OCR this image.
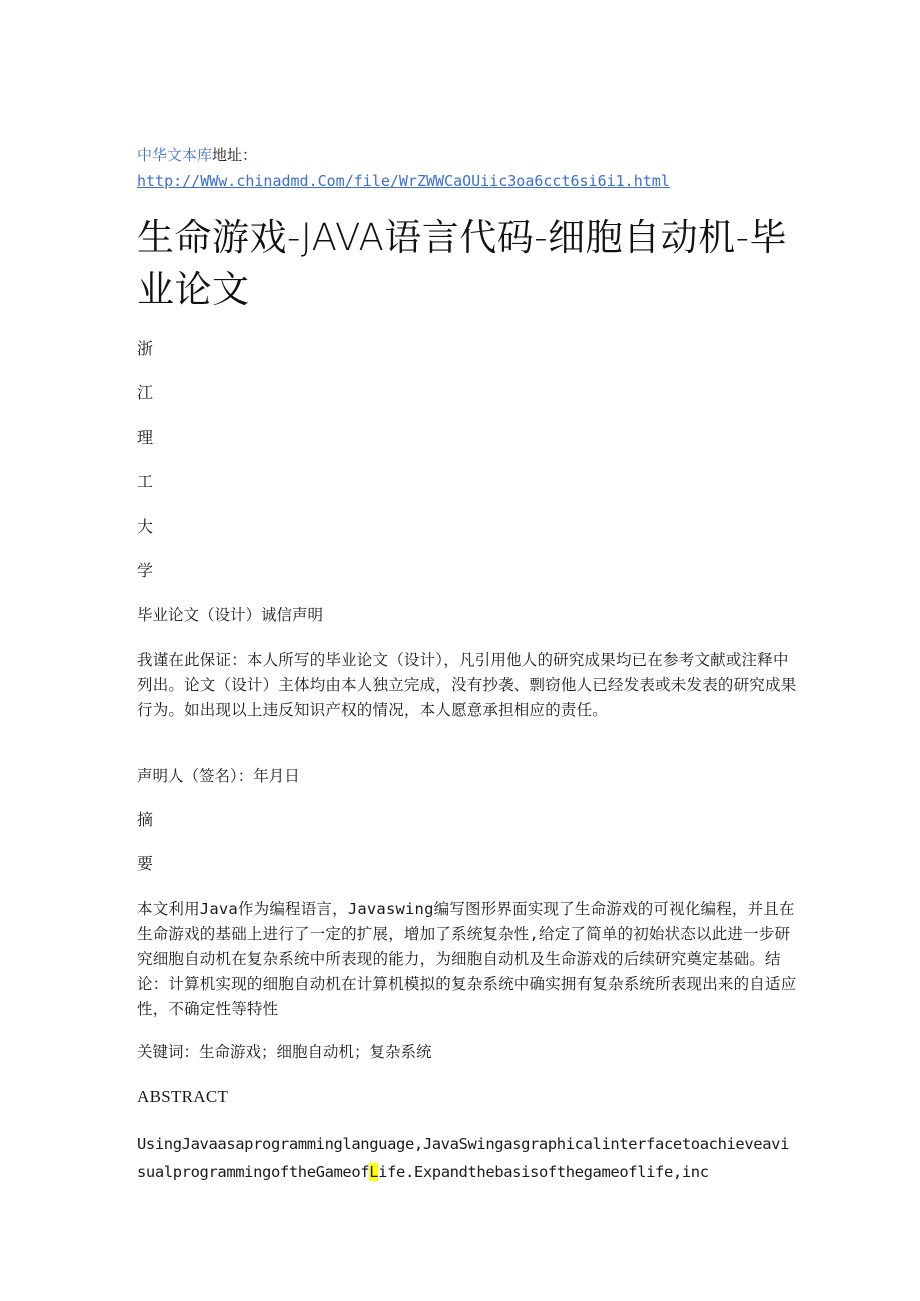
中华文本库地址：
http://WWw.chinadmd.Com/file/WrZWWCaOUiic3oa6cct6si6i1.html
生命游戏-JAVA语言代码-细胞自动机-毕业论文
浙
江
理
工
大
学
毕业论文（设计）诚信声明
我谨在此保证：本人所写的毕业论文（设计），凡引用他人的研究成果均已在参考文献或注释中列出。论文（设计）主体均由本人独立完成，没有抄袭、剽窃他人已经发表或未发表的研究成果行为。如出现以上违反知识产权的情况，本人愿意承担相应的责任。
声明人（签名）：年月日
摘
要
本文利用Java作为编程语言，Javaswing编写图形界面实现了生命游戏的可视化编程，并且在生命游戏的基础上进行了一定的扩展，增加了系统复杂性,给定了简单的初始状态以此进一步研究细胞自动机在复杂系统中所表现的能力，为细胞自动机及生命游戏的后续研究奠定基础。结论：计算机实现的细胞自动机在计算机模拟的复杂系统中确实拥有复杂系统所表现出来的自适应性，不确定性等特性
关键词：生命游戏；细胞自动机；复杂系统
ABSTRACT
UsingJavaasaprogramminglanguage,JavaSwingasgraphicalinterfacetoachieveavisualprogrammingoftheGameofLife.Expandthebasisofthegameoflife,inc
